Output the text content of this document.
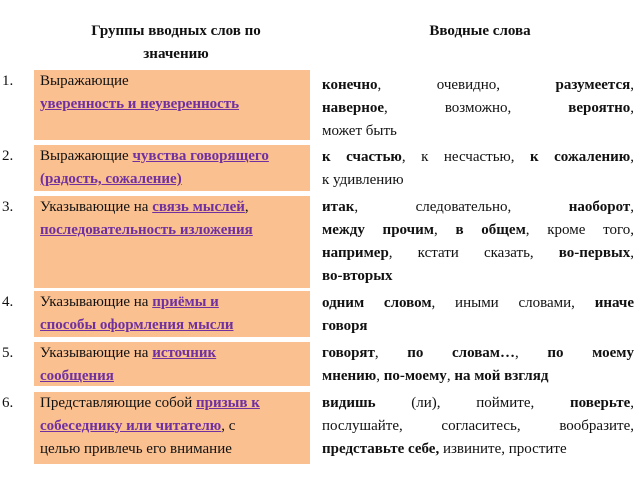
Группы вводных слов по
значению
Вводные слова
1. Выражающие
уверенность и неуверенность
конечно, очевидно, разумеется,
наверное, возможно, вероятно,
может быть
2. Выражающие чувства говорящего
(радость, сожаление)
к счастью, к несчастью, к сожалению,
к удивлению
3. Указывающие на связь мыслей,
последовательность изложения
итак, следовательно, наоборот,
между прочим, в общем, кроме того,
например, кстати сказать, во-первых,
во-вторых
4. Указывающие на приёмы и
способы оформления мысли
одним словом, иными словами, иначе
говоря
5. Указывающие на источник
сообщения
говорят, по словам…, по моему
мнению, по-моему, на мой взгляд
6. Представляющие собой призыв к
собеседнику или читателю, с
целью привлечь его внимание
видишь (ли), поймите, поверьте,
послушайте, согласитесь, вообразите,
представьте себе, извините, простите
